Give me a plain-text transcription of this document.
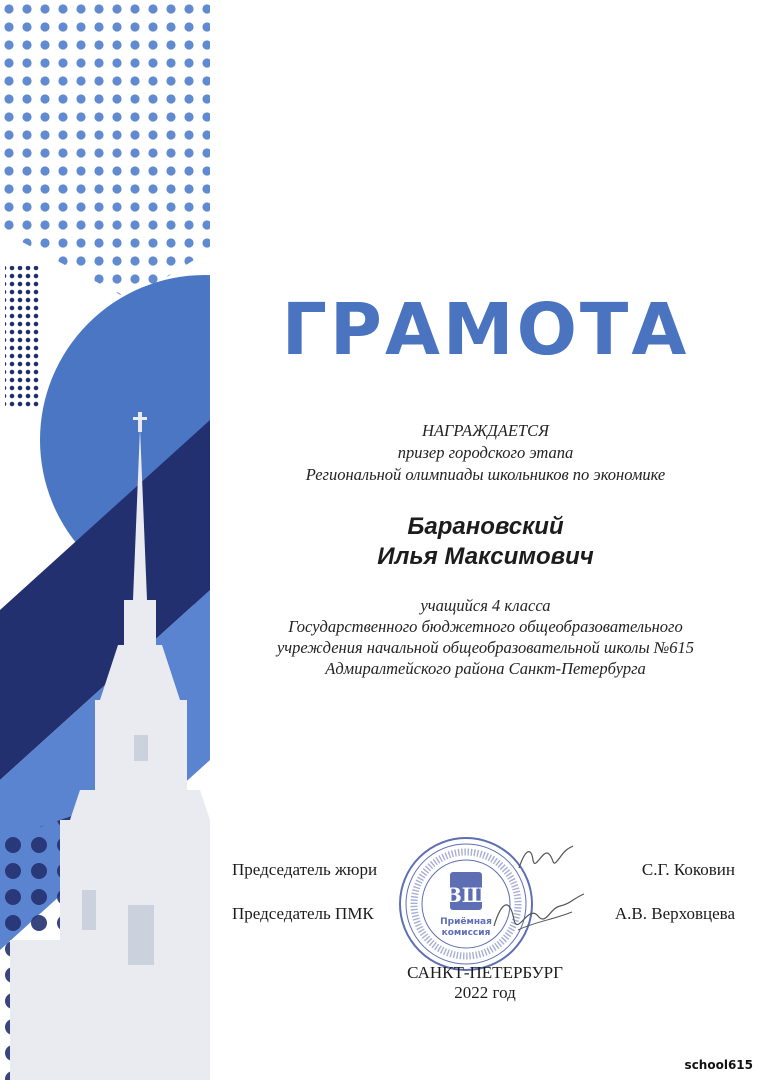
ГРАМОТА
НАГРАЖДАЕТСЯ
призер городского этапа
Региональной олимпиады школьников по экономике
Барановский
Илья Максимович
учащийся 4 класса
Государственного бюджетного общеобразовательного
учреждения начальной общеобразовательной школы №615
Адмиралтейского района Санкт-Петербурга
Председатель жюри	С.Г. Коковин
Председатель ПМК	А.В. Верховцева
ВШ
Приёмная
комиссия
САНКТ-ПЕТЕРБУРГ
2022 год
school615
